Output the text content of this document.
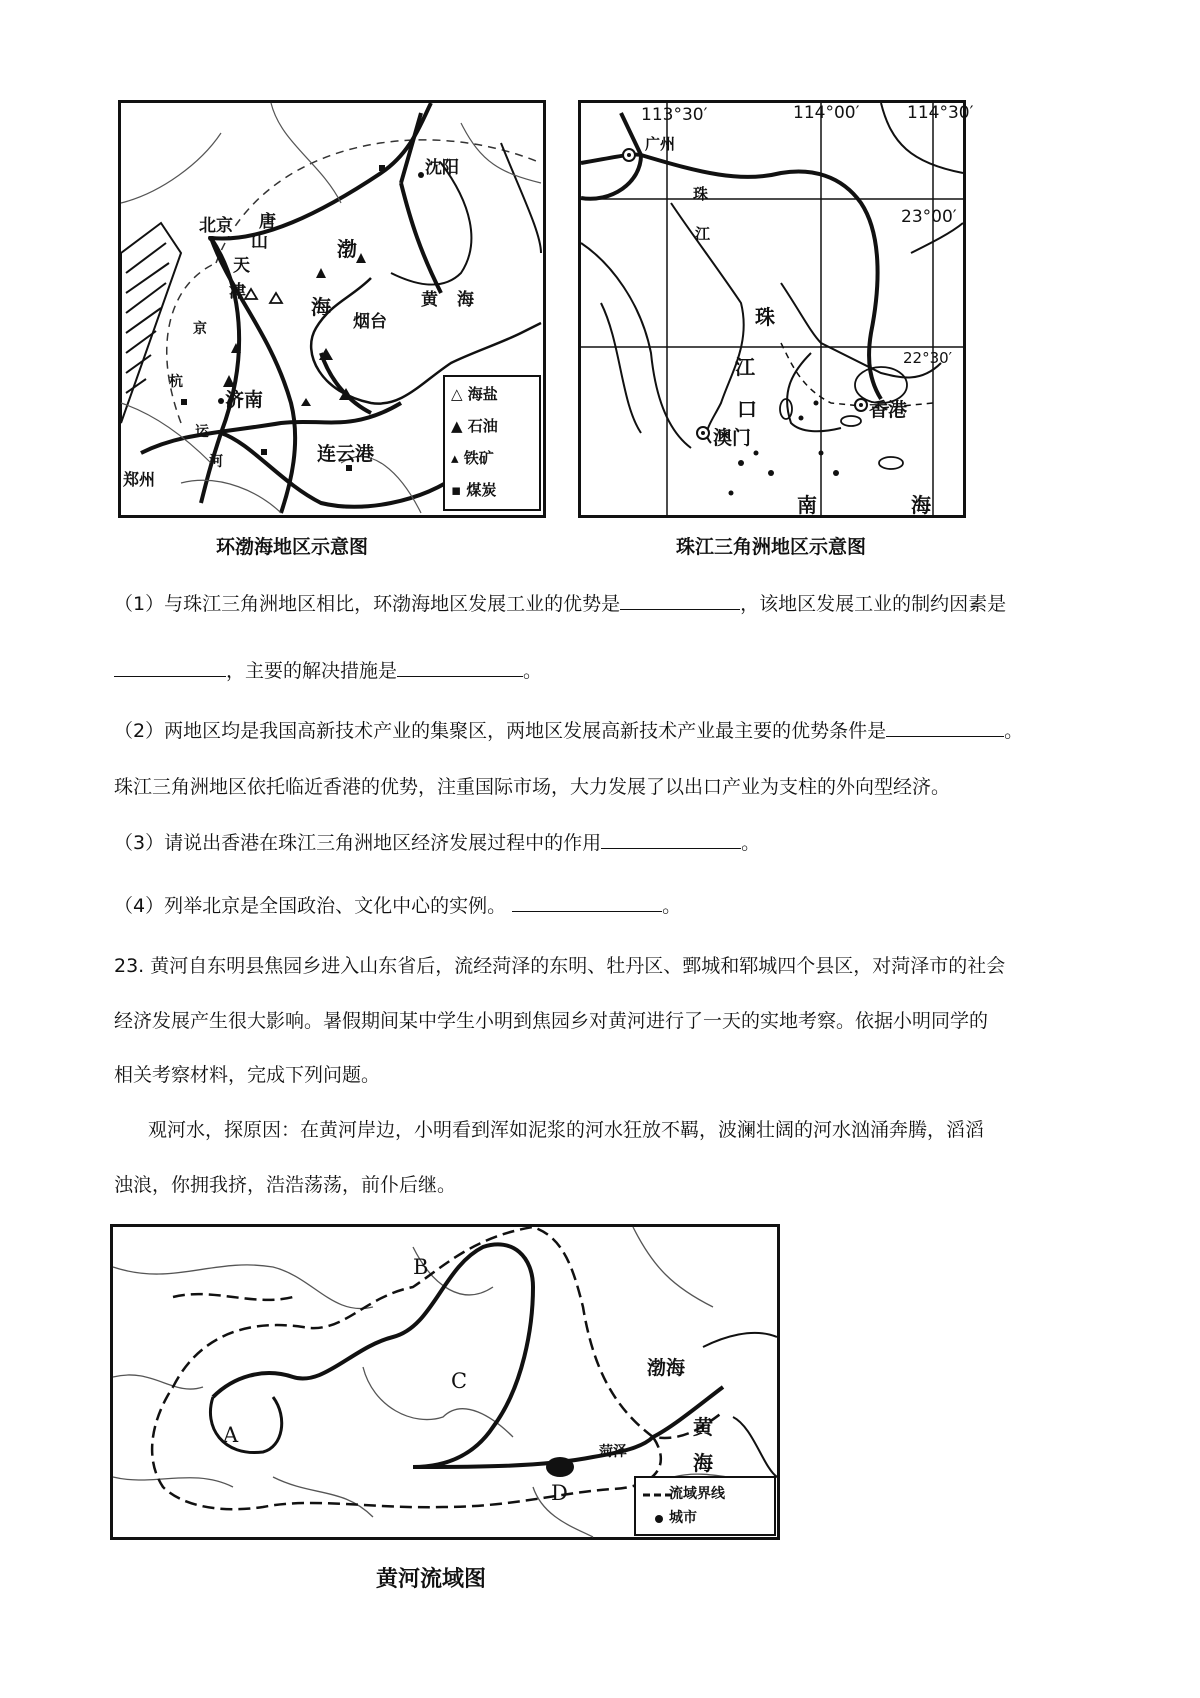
北京 唐
山
天
津
沈阳
渤
海	黄 海
烟台
济南
连云港
郑州
京
杭
运
河
△ 海盐
▲ 石油
▴ 铁矿
▪ 煤炭
环渤海地区示意图
113°30′	114°00′	114°30′
23°00′
22°30′
广州
珠
江
珠
江
口
澳门
香港
南	海
珠江三角洲地区示意图
（1）与珠江三角洲地区相比，环渤海地区发展工业的优势是	，该地区发展工业的制约因素是
，主要的解决措施是	。
（2）两地区均是我国高新技术产业的集聚区，两地区发展高新技术产业最主要的优势条件是	。
珠江三角洲地区依托临近香港的优势，注重国际市场，大力发展了以出口产业为支柱的外向型经济。
（3）请说出香港在珠江三角洲地区经济发展过程中的作用	。
（4）列举北京是全国政治、文化中心的实例。	。
23. 黄河自东明县焦园乡进入山东省后，流经菏泽的东明、牡丹区、鄄城和郓城四个县区，对菏泽市的社会
经济发展产生很大影响。暑假期间某中学生小明到焦园乡对黄河进行了一天的实地考察。依据小明同学的
相关考察材料，完成下列问题。
观河水，探原因：在黄河岸边，小明看到浑如泥浆的河水狂放不羁，波澜壮阔的河水汹涌奔腾，滔滔
浊浪，你拥我挤，浩浩荡荡，前仆后继。
A
B
C
D
菏泽
渤海
黄
海
流域界线
城市
黄河流域图
